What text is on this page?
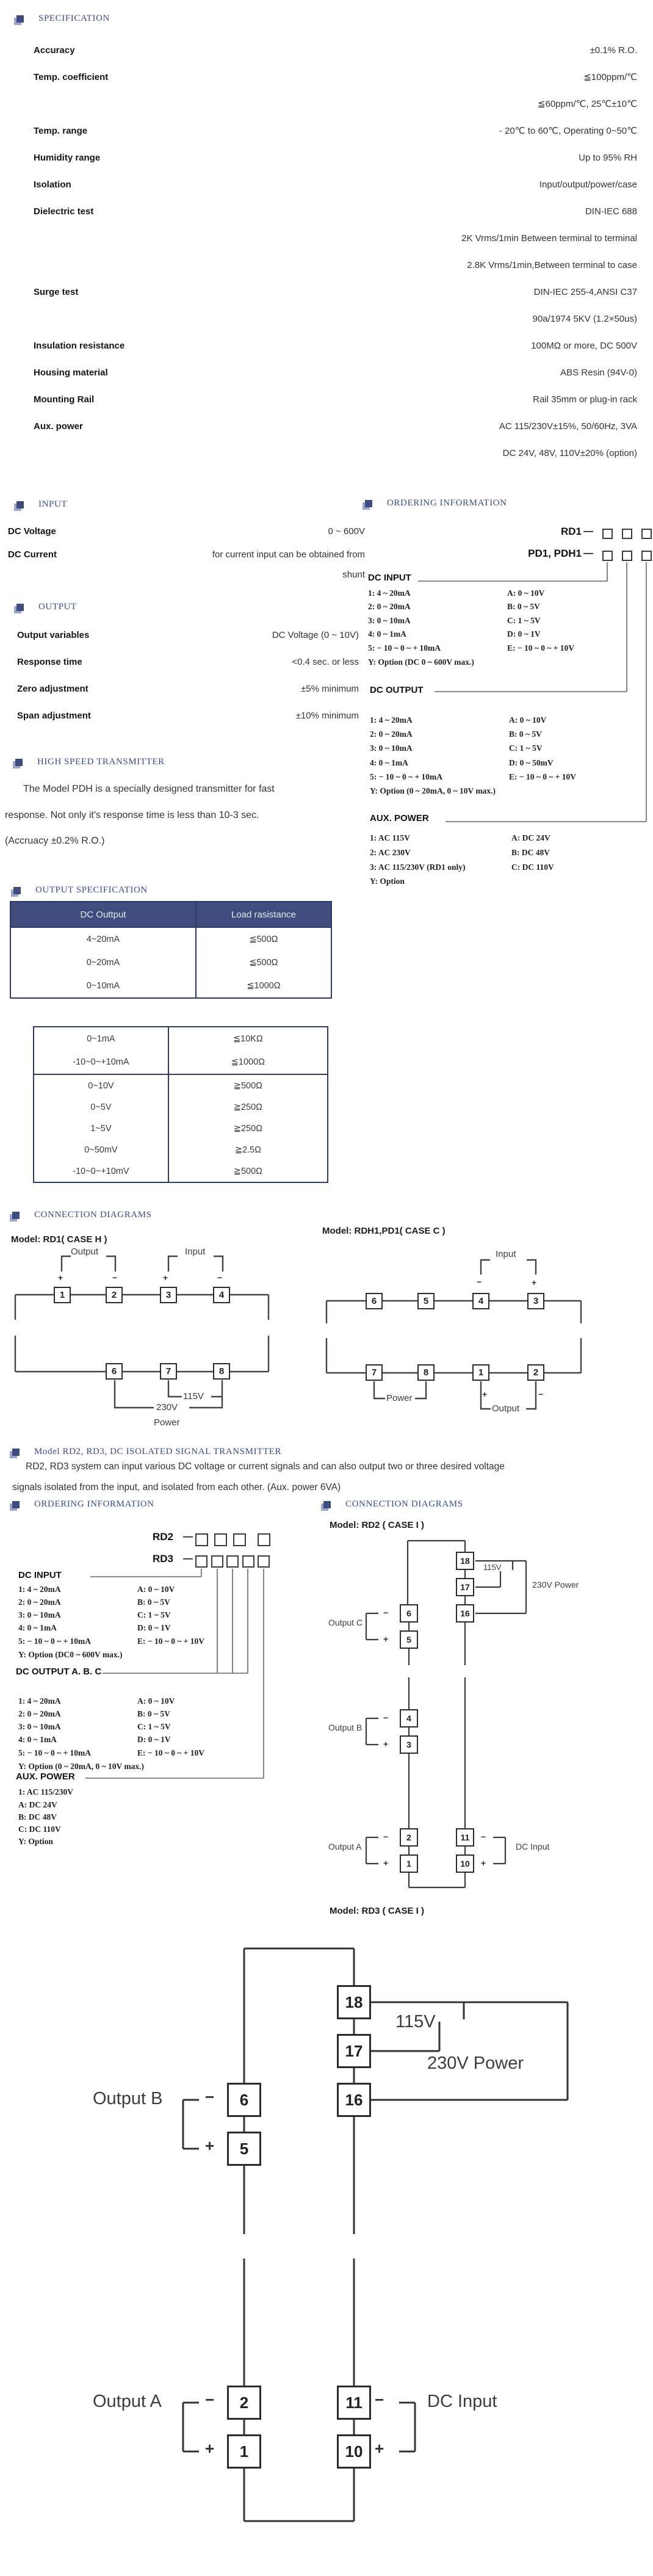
SPECIFICATION
Accuracy	±0.1% R.O.
Temp. coefficient	≦100ppm/℃
≦60ppm/℃, 25℃±10℃
Temp. range	- 20℃ to 60℃, Operating 0~50℃
Humidity range	Up to 95% RH
Isolation	Input/output/power/case
Dielectric test	DIN-IEC 688
2K Vrms/1min Between terminal to terminal
2.8K Vrms/1min,Between terminal to case
Surge test	DIN-IEC 255-4,ANSI C37
90a/1974 5KV (1.2×50us)
Insulation resistance	100MΩ or more, DC 500V
Housing material	ABS Resin (94V-0)
Mounting Rail	Rail 35mm or plug-in rack
Aux. power	AC 115/230V±15%, 50/60Hz, 3VA
DC 24V, 48V, 110V±20% (option)
INPUT
DC Voltage	0 ~ 600V
DC Current	for current input can be obtained from
shunt
OUTPUT
Output variables	DC Voltage (0 ~ 10V)
Response time	<0.4 sec. or less
Zero adjustment	±5% minimum
Span adjustment	±10% minimum
ORDERING INFORMATION
RD1 —
PD1, PDH1 —
DC INPUT
1: 4 ~ 20mA
2: 0 ~ 20mA
3: 0 ~ 10mA
4: 0 ~ 1mA
5: − 10 ~ 0 ~ + 10mA
A: 0 ~ 10V
B: 0 ~ 5V
C: 1 ~ 5V
D: 0 ~ 1V
E: − 10 ~ 0 ~ + 10V
Y: Option (DC 0 ~ 600V max.)
DC OUTPUT
1: 4 ~ 20mA
2: 0 ~ 20mA
3: 0 ~ 10mA
4: 0 ~ 1mA
5: − 10 ~ 0 ~ + 10mA
A: 0 ~ 10V
B: 0 ~ 5V
C: 1 ~ 5V
D: 0 ~ 50mV
E: − 10 ~ 0 ~ + 10V
Y: Option (0 ~ 20mA, 0 ~ 10V max.)
AUX. POWER
1: AC 115V
2: AC 230V
3: AC 115/230V (RD1 only)
A: DC 24V
B: DC 48V
C: DC 110V
Y: Option
HIGH SPEED TRANSMITTER
The Model PDH is a specially designed transmitter for fast
response. Not only it's response time is less than 10-3 sec.
(Accruacy ±0.2% R.O.)
OUTPUT SPECIFICATION
DC Outtput	Load rasistance
4~20mA	≦500Ω
0~20mA	≦500Ω
0~10mA	≦1000Ω
0~1mA	≦10KΩ
-10~0~+10mA	≦1000Ω
0~10V	≧500Ω
0~5V	≧250Ω
1~5V	≧250Ω
0~50mV	≧2.5Ω
-10~0~+10mV	≧500Ω
CONNECTION DIAGRAMS
Model: RD1( CASE H )
Model: RDH1,PD1( CASE C )
Output	Input
+	−	+	−
1	2	3	4
6	7	8
115V
230V
Power
Input
−	+
6	5	4	3
7	8	1	2
Power	+	−
Output
Model RD2, RD3, DC ISOLATED SIGNAL TRANSMITTER
RD2, RD3 system can input various DC voltage or current signals and can also output two or three desired voltage
signals isolated from the input, and isolated from each other. (Aux. power 6VA)
ORDERING INFORMATION	CONNECTION DIAGRAMS
Model: RD2 ( CASE I )
RD2 —
RD3 —
DC INPUT
1: 4 ~ 20mA
2: 0 ~ 20mA
3: 0 ~ 10mA
4: 0 ~ 1mA
5: − 10 ~ 0 ~ + 10mA
A: 0 ~ 10V
B: 0 ~ 5V
C: 1 ~ 5V
D: 0 ~ 1V
E: − 10 ~ 0 ~ + 10V
Y: Option (DC0 ~ 600V max.)
DC OUTPUT A. B. C
1: 4 ~ 20mA
2: 0 ~ 20mA
3: 0 ~ 10mA
4: 0 ~ 1mA
5: − 10 ~ 0 ~ + 10mA
A: 0 ~ 10V
B: 0 ~ 5V
C: 1 ~ 5V
D: 0 ~ 1V
E: − 10 ~ 0 ~ + 10V
Y: Option (0 ~ 20mA, 0 ~ 10V max.)
AUX. POWER
1: AC 115/230V
A: DC 24V
B: DC 48V
C: DC 110V
Y: Option
18
17
16
115V
230V Power
6
5
Output C
−
+
4
3
Output B
−
+
2
1
Output A
−
+
11
10
−
+
DC Input
Model: RD3 ( CASE I )
18
17
16
115V
230V Power
6
5
Output B	−
+
2
1
Output A	−
+
11
10
−
+
DC Input
